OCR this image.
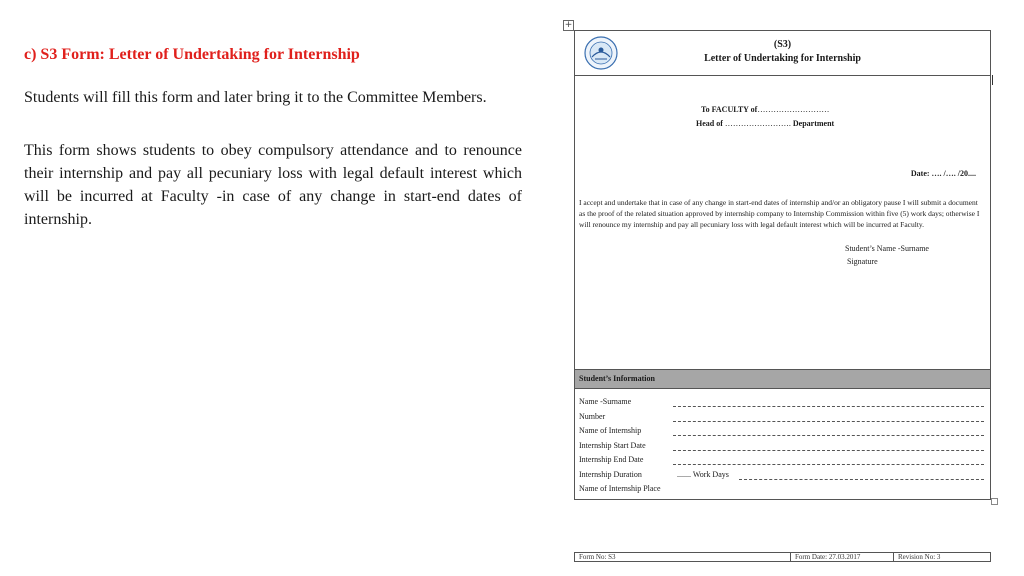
c) S3 Form: Letter of Undertaking for Internship

Students will fill this form and later bring it to the Committee Members.

This form shows students to obey compulsory attendance and to renounce their internship and pay all pecuniary loss with legal default interest which will be incurred at Faculty -in case of any change in start-end dates of internship.

+
(S3)
Letter of Undertaking for Internship
To FACULTY of………………………
Head of ……………………. Department
Date: …. /…. /20....
I accept and undertake that in case of any change in start-end dates of internship and/or an obligatory pause I will submit a document as the proof of the related situation approved by internship company to Internship Commission within five (5) work days; otherwise I will renounce my internship and pay all pecuniary loss with legal default interest which will be incurred at Faculty.
Student’s Name -Surname
Signature
Student’s Information
Name -Surname
Number
Name of Internship
Internship Start Date
Internship End Date
Internship Duration	....... Work Days
Name of Internship Place
Form No: S3	Form Date: 27.03.2017	Revision No: 3
